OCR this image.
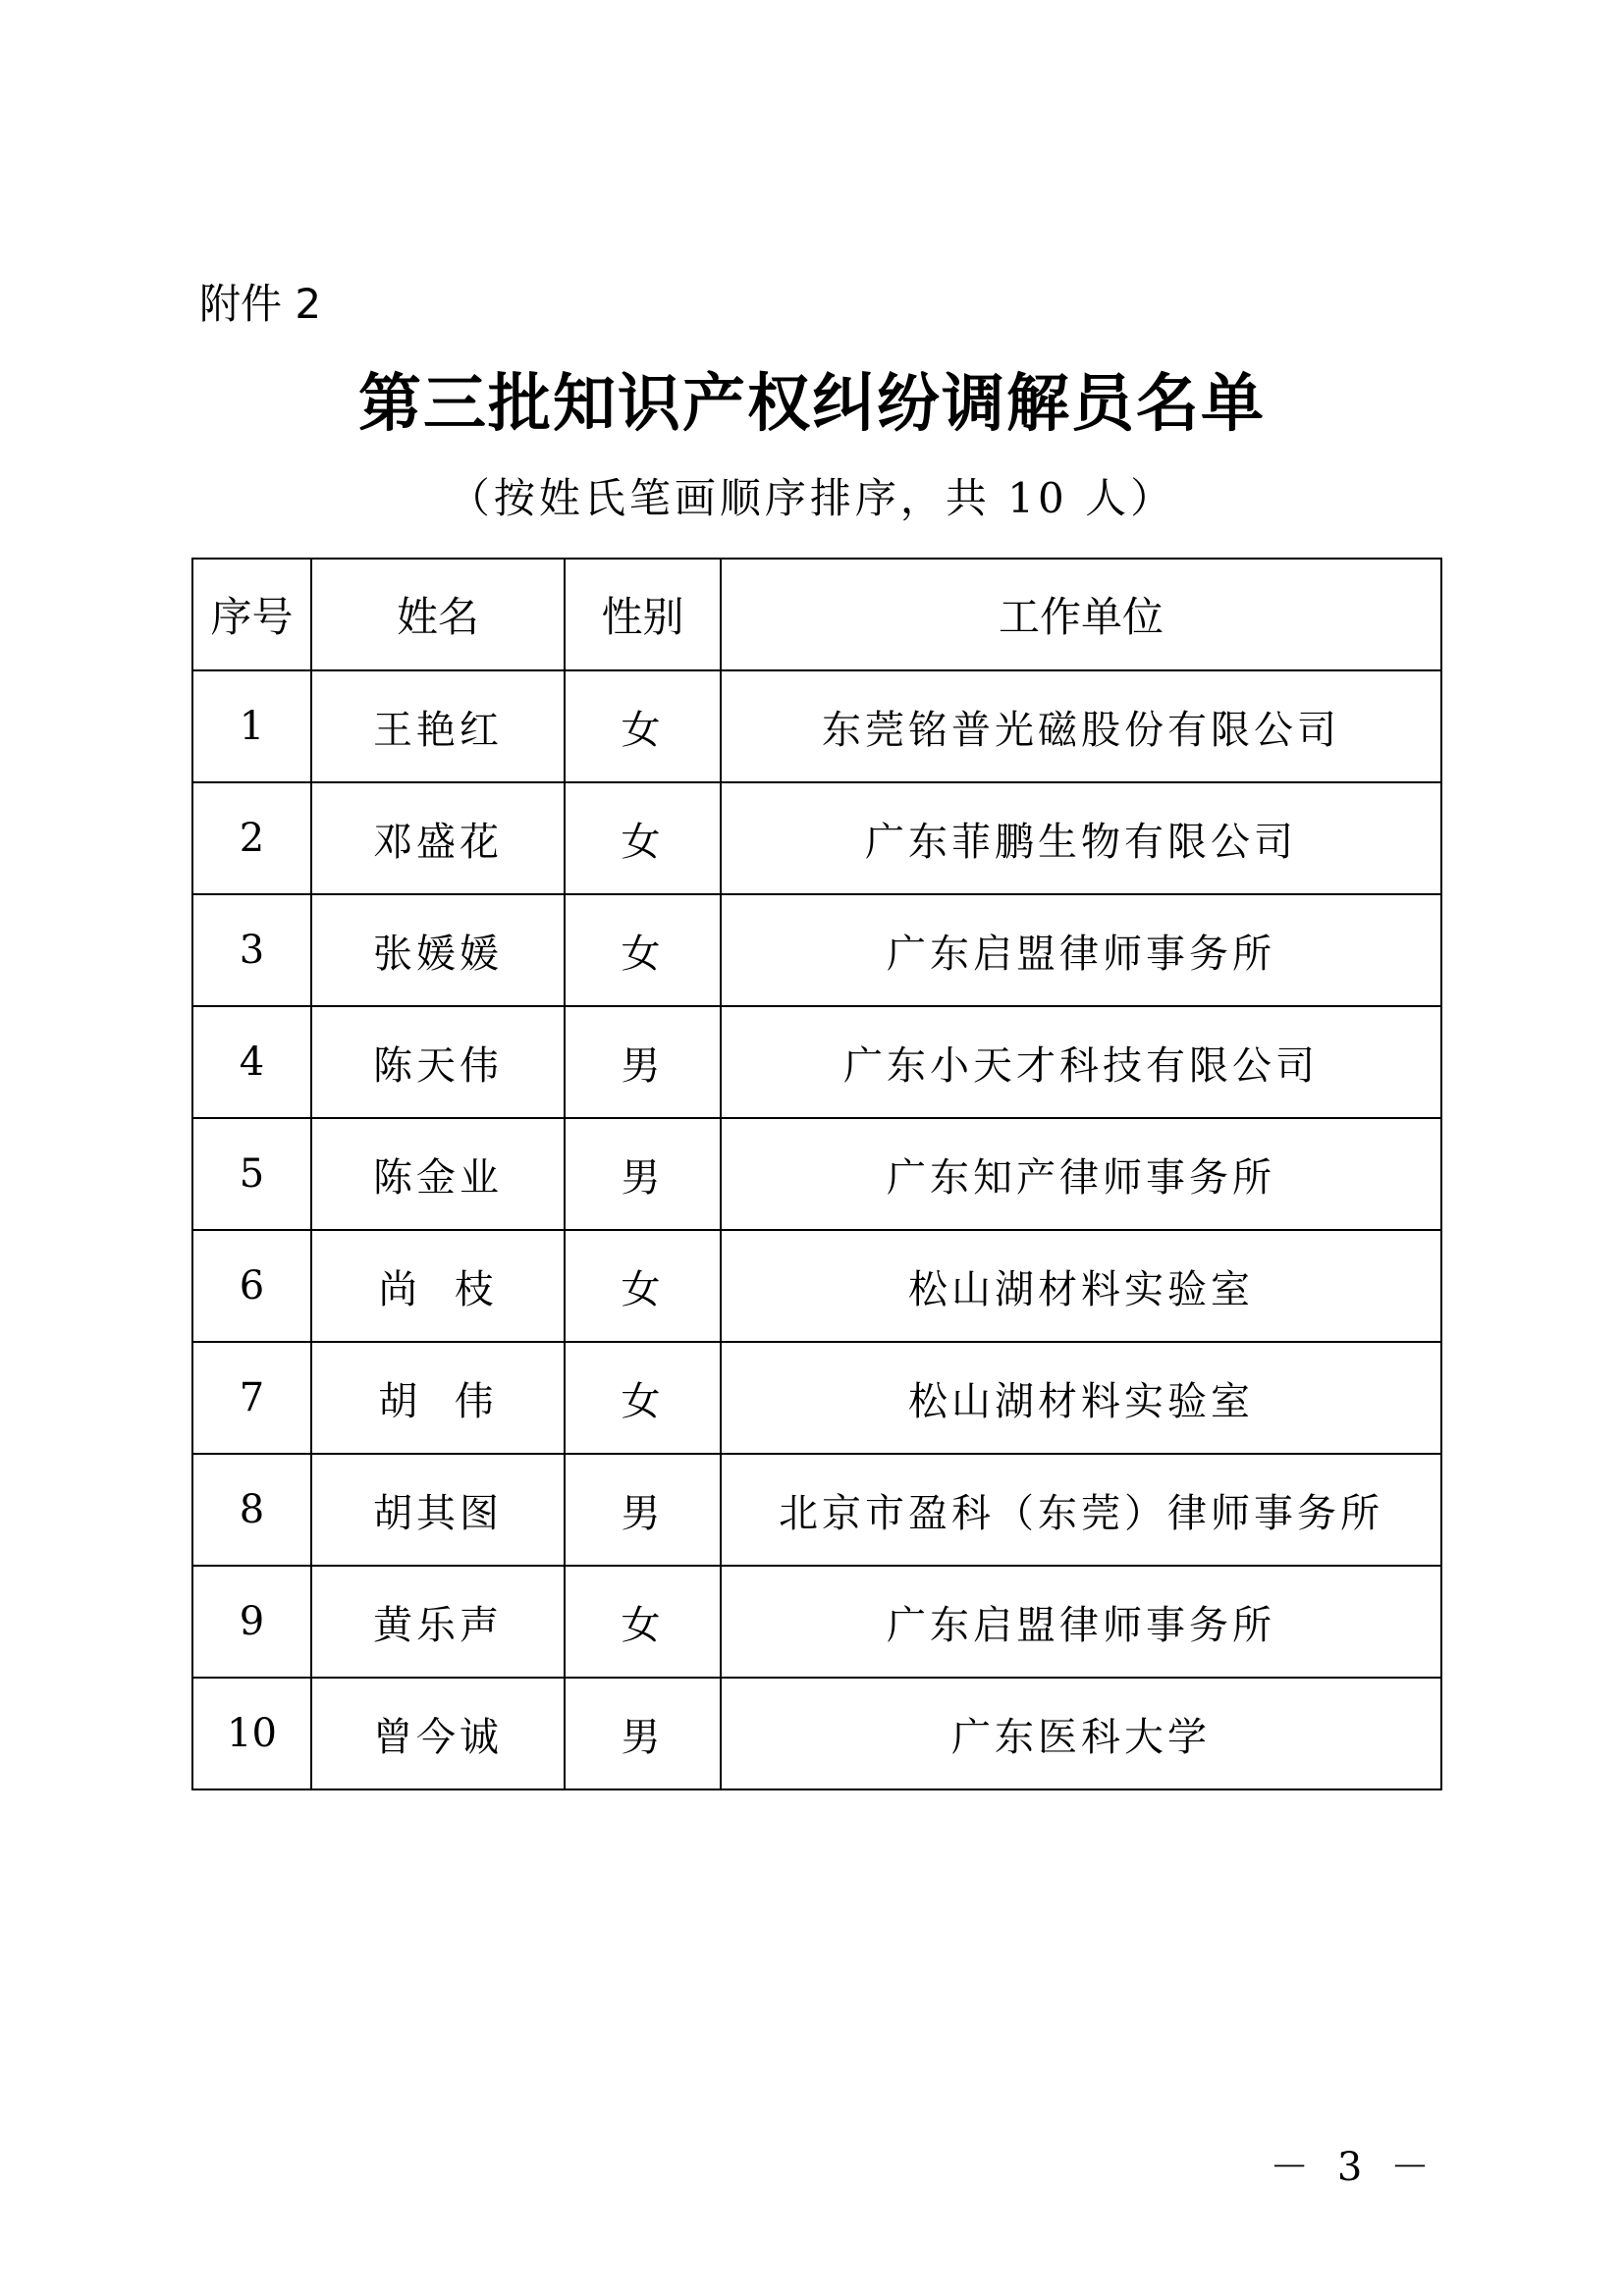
附件 2
第三批知识产权纠纷调解员名单
（按姓氏笔画顺序排序，共 10 人）
序号	姓名	性别	工作单位
1	王艳红	女	东莞铭普光磁股份有限公司
2	邓盛花	女	广东菲鹏生物有限公司
3	张媛媛	女	广东启盟律师事务所
4	陈天伟	男	广东小天才科技有限公司
5	陈金业	男	广东知产律师事务所
6	尚  枝	女	松山湖材料实验室
7	胡  伟	女	松山湖材料实验室
8	胡其图	男	北京市盈科（东莞）律师事务所
9	黄乐声	女	广东启盟律师事务所
10	曾今诚	男	广东医科大学
－ 3 －
